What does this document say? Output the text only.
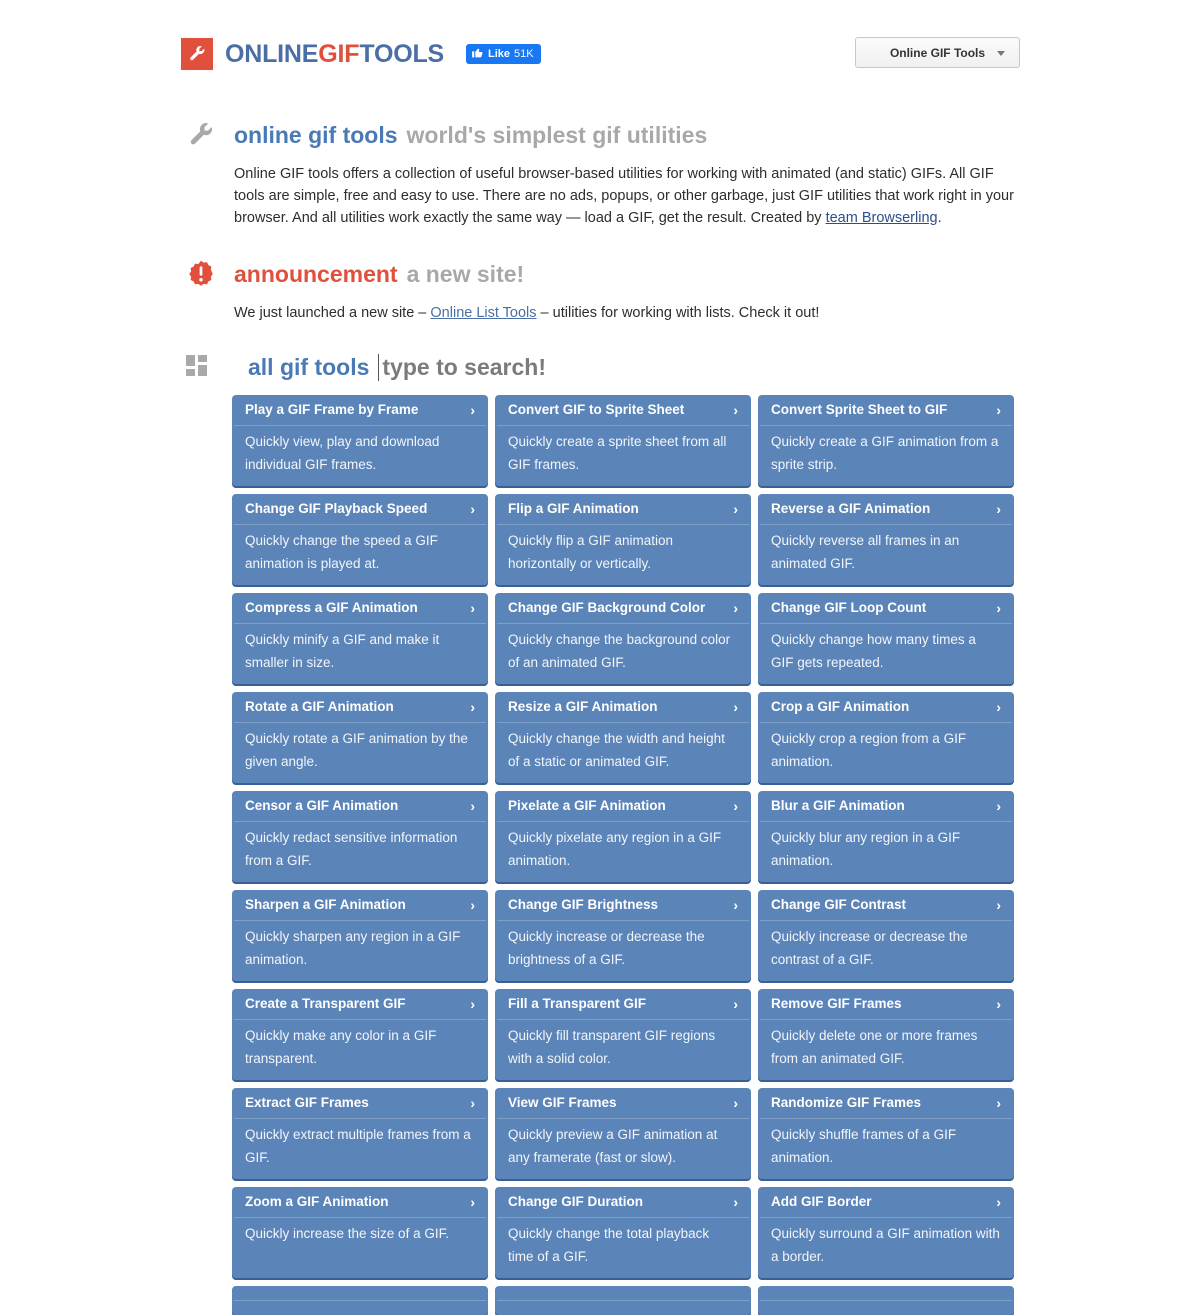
ONLINEGIFTOOLS	Like 51K	Online GIF Tools
online gif tools world's simplest gif utilities
Online GIF tools offers a collection of useful browser-based utilities for working with animated (and static) GIFs. All GIF tools are simple, free and easy to use. There are no ads, popups, or other garbage, just GIF utilities that work right in your browser. And all utilities work exactly the same way — load a GIF, get the result. Created by team Browserling.
announcement a new site!
We just launched a new site – Online List Tools – utilities for working with lists. Check it out!
all gif tools
type to search!
Play a GIF Frame by Frame	›
Quickly view, play and download individual GIF frames.
Convert GIF to Sprite Sheet	›
Quickly create a sprite sheet from all GIF frames.
Convert Sprite Sheet to GIF	›
Quickly create a GIF animation from a sprite strip.
Change GIF Playback Speed	›
Quickly change the speed a GIF animation is played at.
Flip a GIF Animation	›
Quickly flip a GIF animation horizontally or vertically.
Reverse a GIF Animation	›
Quickly reverse all frames in an animated GIF.
Compress a GIF Animation	›
Quickly minify a GIF and make it smaller in size.
Change GIF Background Color ›
Quickly change the background color of an animated GIF.
Change GIF Loop Count	›
Quickly change how many times a GIF gets repeated.
Rotate a GIF Animation	›
Quickly rotate a GIF animation by the given angle.
Resize a GIF Animation	›
Quickly change the width and height of a static or animated GIF.
Crop a GIF Animation	›
Quickly crop a region from a GIF animation.
Censor a GIF Animation	›
Quickly redact sensitive information from a GIF.
Pixelate a GIF Animation	›
Quickly pixelate any region in a GIF animation.
Blur a GIF Animation	›
Quickly blur any region in a GIF animation.
Sharpen a GIF Animation	›
Quickly sharpen any region in a GIF animation.
Change GIF Brightness	›
Quickly increase or decrease the brightness of a GIF.
Change GIF Contrast	›
Quickly increase or decrease the contrast of a GIF.
Create a Transparent GIF	›
Quickly make any color in a GIF transparent.
Fill a Transparent GIF	›
Quickly fill transparent GIF regions with a solid color.
Remove GIF Frames	›
Quickly delete one or more frames from an animated GIF.
Extract GIF Frames	›
Quickly extract multiple frames from a GIF.
View GIF Frames	›
Quickly preview a GIF animation at any framerate (fast or slow).
Randomize GIF Frames	›
Quickly shuffle frames of a GIF animation.
Zoom a GIF Animation	›
Quickly increase the size of a GIF.
Change GIF Duration	›
Quickly change the total playback time of a GIF.
Add GIF Border	›
Quickly surround a GIF animation with a border.
